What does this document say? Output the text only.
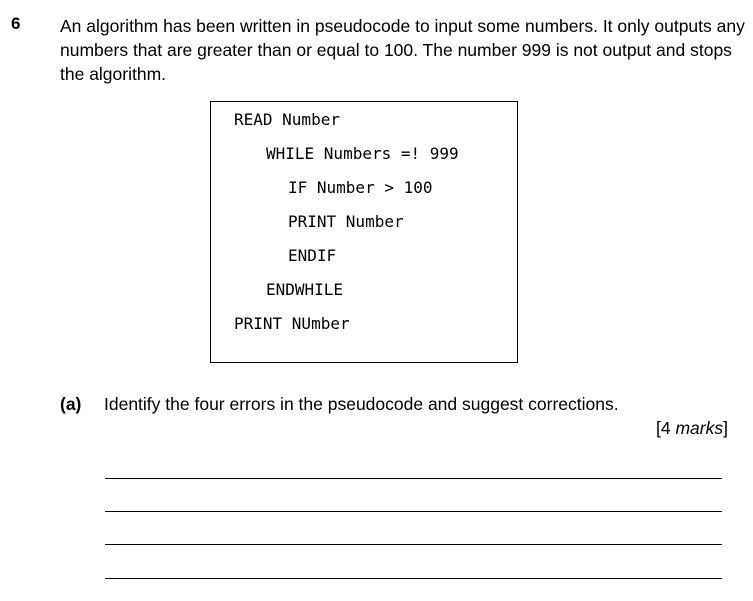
6 An algorithm has been written in pseudocode to input some numbers. It only outputs any numbers that are greater than or equal to 100. The number 999 is not output and stops the algorithm.

READ Number
WHILE Numbers =! 999
IF Number > 100
PRINT Number
ENDIF
ENDWHILE
PRINT NUmber
(a) Identify the four errors in the pseudocode and suggest corrections.
[4 marks]
